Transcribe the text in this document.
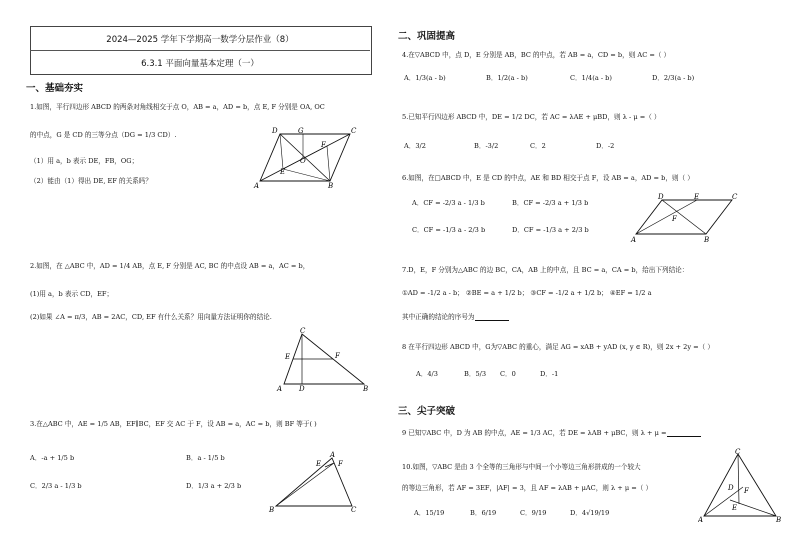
2024—2025 学年下学期高一数学分层作业（8）
6.3.1 平面向量基本定理（一）
一、基础夯实
1.如图，平行四边形 ABCD 的两条对角线相交于点 O，AB = a，AD = b，点 E, F 分别是 OA, OC
的中点，G 是 CD 的三等分点（DG = 1/3 CD）.
（1）用 a，b 表示 DE，FB，OG；
（2）能由（1）得出 DE, EF 的关系吗？
D	G	C
A	B
O
E
F
2.如图，在 △ABC 中，AD = 1/4 AB，点 E, F 分别是 AC, BC 的中点设 AB = a，AC = b，
(1)用 a，b 表示 CD，EF；
(2)如果 ∠A = π/3，AB = 2AC，CD, EF 有什么关系？用向量方法证明你的结论.
C
E	F
A D	B
3.在△ABC 中，AE = 1/5 AB，EF∥BC，EF 交 AC 于 F，设 AB = a，AC = b，则 BF 等于( )
A．-a + 1/5 b	B．a - 1/5 b
C．2/3 a - 1/3 b	D．1/3 a + 2/3 b
E F
A
B	C
二、巩固提高
4.在▽ABCD 中，点 D，E 分别是 AB，BC 的中点，若 AB = a，CD = b，则 AC =（ ）
A．1/3(a - b)	B．1/2(a - b)	C．1/4(a - b)	D．2/3(a - b)
5.已知平行四边形 ABCD 中，DE = 1/2 DC，若 AC = λAE + μBD，则 λ - μ =（ ）
A．3/2	B．-3/2	C．2	D．-2
6.如图，在□ABCD 中，E 是 CD 的中点，AE 和 BD 相交于点 F，设 AB = a，AD = b，则（ ）
A．CF = -2/3 a - 1/3 b	B．CF = -2/3 a + 1/3 b
C．CF = -1/3 a - 2/3 b	D．CF = -1/3 a + 2/3 b
D	E	C
F
A	B
7.D，E，F 分别为△ABC 的边 BC，CA，AB 上的中点，且 BC = a，CA = b，给出下列结论：
①AD = -1/2 a - b； ②BE = a + 1/2 b； ③CF = -1/2 a + 1/2 b； ④EF = 1/2 a
其中正确的结论的序号为
8 在平行四边形 ABCD 中，G为▽ABC 的重心，满足 AG = xAB + yAD (x, y ∈ R)，则 2x + 2y =（ ）
A．4/3	B．5/3 C．0	D．-1
三、尖子突破
9 已知▽ABC 中，D 为 AB 的中点，AE = 1/3 AC，若 DE = λAB + μBC，则 λ + μ =
10.如图，▽ABC 是由 3 个全等的三角形与中间一个小等边三角形拼成的一个较大
的等边三角形，若 AF = 3EF，|AF| = 3，且 AF = λAB + μAC，则 λ + μ =（ ）
A．15/19	B．6/19	C．9/19	D．4√19/19
C
D F
E
A	B
